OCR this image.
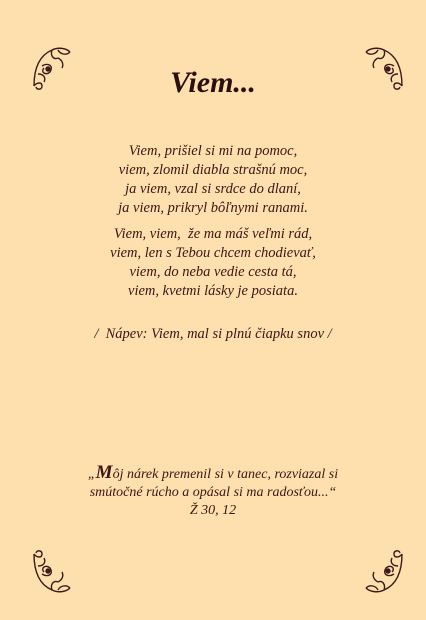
Viem...
Viem, prišiel si mi na pomoc,
viem, zlomil diabla strašnú moc,
ja viem, vzal si srdce do dlaní,
ja viem, prikryl bôľnymi ranami.
Viem, viem,  že ma máš veľmi rád,
viem, len s Tebou chcem chodievať,
viem, do neba vedie cesta tá,
viem, kvetmi lásky je posiata.
/  Nápev: Viem, mal si plnú čiapku snov /
„Môj nárek premenil si v tanec, rozviazal si
smútočné rúcho a opásal si ma radosťou...“
Ž 30, 12
